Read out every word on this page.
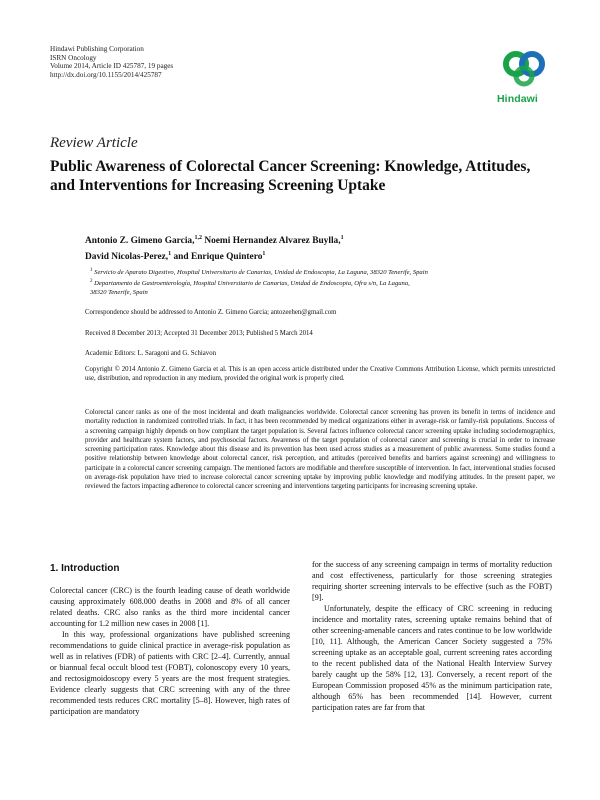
Hindawi Publishing Corporation
ISRN Oncology
Volume 2014, Article ID 425787, 19 pages
http://dx.doi.org/10.1155/2014/425787
Hindawi
Review Article
Public Awareness of Colorectal Cancer Screening: Knowledge, Attitudes, and Interventions for Increasing Screening Uptake
Antonio Z. Gimeno Garcia,$^{1,2}$ Noemi Hernandez Alvarez Buylla,$^1$
David Nicolas-Perez,$^1$ and Enrique Quintero$^1$
$^1$ Servicio de Aparato Digestivo, Hospital Universitario de Canarias, Unidad de Endoscopia, La Laguna, 38320 Tenerife, Spain
$^2$ Departamento de Gastroenterología, Hospital Universitario de Canarias, Unidad de Endoscopia, Ofra s/n, La Laguna,
38320 Tenerife, Spain
Correspondence should be addressed to Antonio Z. Gimeno Garcia; antozeehen@gmail.com
Received 8 December 2013; Accepted 31 December 2013; Published 5 March 2014
Academic Editors: L. Saragoni and G. Schiavon
Copyright © 2014 Antonio Z. Gimeno Garcia et al. This is an open access article distributed under the Creative Commons Attribution License, which permits unrestricted use, distribution, and reproduction in any medium, provided the original work is properly cited.
Colorectal cancer ranks as one of the most incidental and death malignancies worldwide. Colorectal cancer screening has proven its benefit in terms of incidence and mortality reduction in randomized controlled trials. In fact, it has been recommended by medical organizations either in average-risk or family-risk populations. Success of a screening campaign highly depends on how compliant the target population is. Several factors influence colorectal cancer screening uptake including sociodemographics, provider and healthcare system factors, and psychosocial factors. Awareness of the target population of colorectal cancer and screening is crucial in order to increase screening participation rates. Knowledge about this disease and its prevention has been used across studies as a measurement of public awareness. Some studies found a positive relationship between knowledge about colorectal cancer, risk perception, and attitudes (perceived benefits and barriers against screening) and willingness to participate in a colorectal cancer screening campaign. The mentioned factors are modifiable and therefore susceptible of intervention. In fact, interventional studies focused on average-risk population have tried to increase colorectal cancer screening uptake by improving public knowledge and modifying attitudes. In the present paper, we reviewed the factors impacting adherence to colorectal cancer screening and interventions targeting participants for increasing screening uptake.
1. Introduction

Colorectal cancer (CRC) is the fourth leading cause of death worldwide causing approximately 608.000 deaths in 2008 and 8% of all cancer related deaths. CRC also ranks as the third more incidental cancer accounting for 1.2 million new cases in 2008 [1].

In this way, professional organizations have published screening recommendations to guide clinical practice in average-risk population as well as in relatives (FDR) of patients with CRC [2–4]. Currently, annual or biannual fecal occult blood test (FOBT), colonoscopy every 10 years, and rectosigmoidoscopy every 5 years are the most frequent strategies. Evidence clearly suggests that CRC screening with any of the three recommended tests reduces CRC mortality [5–8]. However, high rates of participation are mandatory

for the success of any screening campaign in terms of mortality reduction and cost effectiveness, particularly for those screening strategies requiring shorter screening intervals to be effective (such as the FOBT) [9].

Unfortunately, despite the efficacy of CRC screening in reducing incidence and mortality rates, screening uptake remains behind that of other screening-amenable cancers and rates continue to be low worldwide [10, 11]. Although, the American Cancer Society suggested a 75% screening uptake as an acceptable goal, current screening rates according to the recent published data of the National Health Interview Survey barely caught up the 58% [12, 13]. Conversely, a recent report of the European Commission proposed 45% as the minimum participation rate, although 65% has been recommended [14]. However, current participation rates are far from that
